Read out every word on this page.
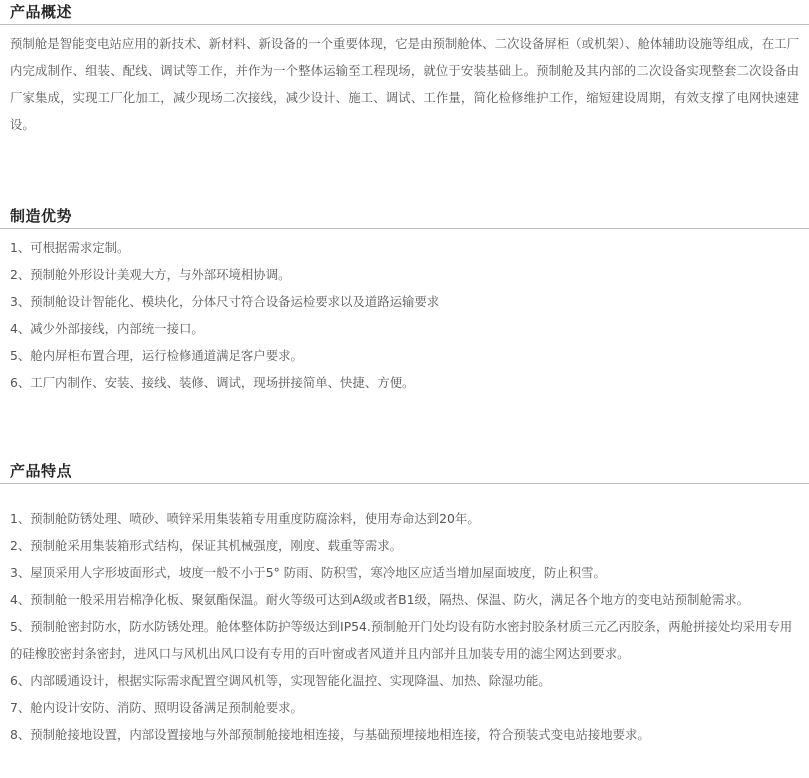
产品概述

预制舱是智能变电站应用的新技术、新材料、新设备的一个重要体现，它是由预制舱体、二次设备屏柜（或机架）、舱体辅助设施等组成，在工厂内完成制作、组装、配线、调试等工作，并作为一个整体运输至工程现场，就位于安装基础上。预制舱及其内部的二次设备实现整套二次设备由厂家集成，实现工厂化加工，减少现场二次接线，减少设计、施工、调试、工作量，简化检修维护工作，缩短建设周期，有效支撑了电网快速建设。

制造优势
1、可根据需求定制。
2、预制舱外形设计美观大方，与外部环境相协调。
3、预制舱设计智能化、模块化，分体尺寸符合设备运检要求以及道路运输要求
4、减少外部接线，内部统一接口。
5、舱内屏柜布置合理，运行检修通道满足客户要求。
6、工厂内制作、安装、接线、装修、调试，现场拼接简单、快捷、方便。
产品特点
1、预制舱防锈处理、喷砂、喷锌采用集装箱专用重度防腐涂料，使用寿命达到20年。
2、预制舱采用集装箱形式结构，保证其机械强度，刚度、载重等需求。
3、屋顶采用人字形坡面形式，坡度一般不小于5° 防雨、防积雪，寒冷地区应适当增加屋面坡度，防止积雪。
4、预制舱一般采用岩棉净化板、聚氨酯保温。耐火等级可达到A级或者B1级，隔热、保温、防火，满足各个地方的变电站预制舱需求。
5、预制舱密封防水，防水防锈处理。舱体整体防护等级达到IP54.预制舱开门处均设有防水密封胶条材质三元乙丙胶条，两舱拼接处均采用专用的硅橡胶密封条密封，进风口与风机出风口设有专用的百叶窗或者风道并且内部并且加装专用的滤尘网达到要求。
6、内部暖通设计，根据实际需求配置空调风机等，实现智能化温控、实现降温、加热、除湿功能。
7、舱内设计安防、消防、照明设备满足预制舱要求。
8、预制舱接地设置，内部设置接地与外部预制舱接地相连接，与基础预埋接地相连接，符合预装式变电站接地要求。
